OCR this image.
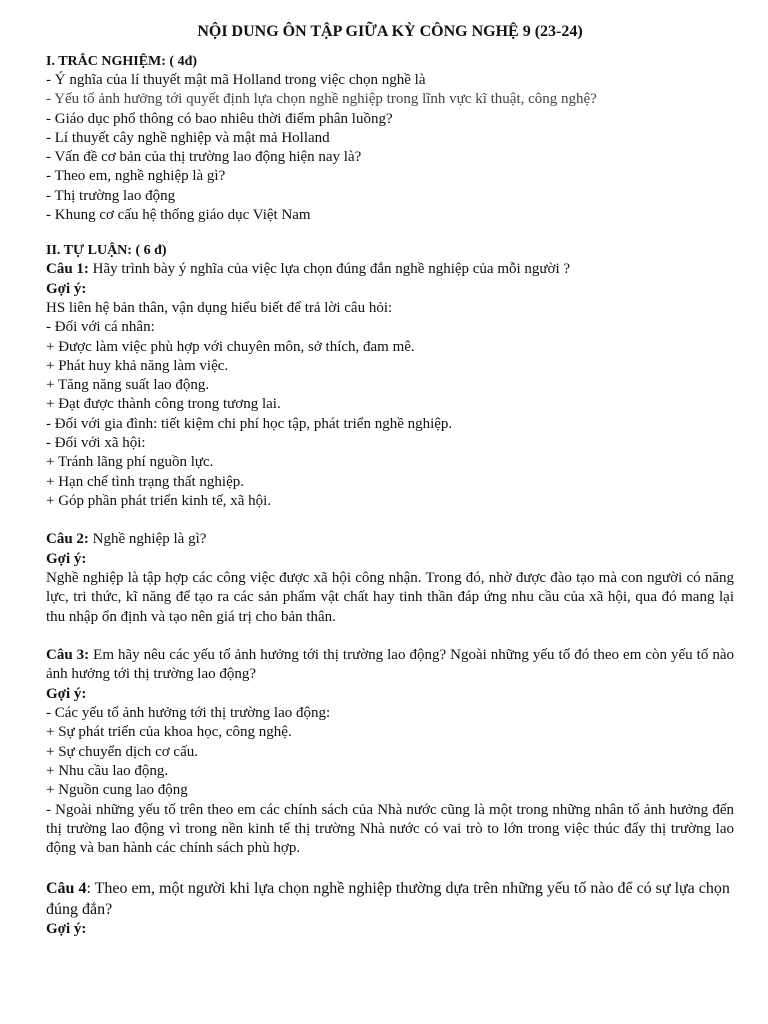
NỘI DUNG ÔN TẬP GIỮA KỲ CÔNG NGHỆ 9 (23-24)
I. TRẮC NGHIỆM: ( 4đ)
- Ý nghĩa của lí thuyết mật mã Holland trong việc chọn nghề là
- Yếu tố ảnh hưởng tới quyết định lựa chọn nghề nghiệp trong lĩnh vực kĩ thuật, công nghệ?
- Giáo dục phổ thông có bao nhiêu thời điểm phân luồng?
- Lí thuyết cây nghề nghiệp và mật mả Holland
- Vấn đề cơ bản của thị trường lao động hiện nay là?
- Theo em, nghề nghiệp là gì?
- Thị trường lao động
- Khung cơ cấu hệ thống giáo dục Việt Nam
II. TỰ LUẬN: ( 6 đ)
Câu 1: Hãy trình bày ý nghĩa của việc lựa chọn đúng đắn nghề nghiệp của mỗi người ?
Gợi ý:
HS liên hệ bản thân, vận dụng hiểu biết để trả lời câu hỏi:
- Đối với cá nhân:
+ Được làm việc phù hợp với chuyên môn, sở thích, đam mê.
+ Phát huy khả năng làm việc.
+ Tăng năng suất lao động.
+ Đạt được thành công trong tương lai.
- Đối với gia đình: tiết kiệm chi phí học tập, phát triển nghề nghiệp.
- Đối với xã hội:
+ Tránh lãng phí nguồn lực.
+ Hạn chế tình trạng thất nghiệp.
+ Góp phần phát triển kinh tế, xã hội.
Câu 2: Nghề nghiệp là gì?
Gợi ý:
Nghề nghiệp là tập hợp các công việc được xã hội công nhận. Trong đó, nhờ được đào tạo mà con người có năng lực, tri thức, kĩ năng để tạo ra các sản phẩm vật chất hay tinh thần đáp ứng nhu cầu của xã hội, qua đó mang lại thu nhập ổn định và tạo nên giá trị cho bản thân.
Câu 3: Em hãy nêu các yếu tố ảnh hưởng tới thị trường lao động? Ngoài những yếu tố đó theo em còn yếu tố nào ảnh hưởng tới thị trường lao động?
Gợi ý:
- Các yếu tố ảnh hưởng tới thị trường lao động:
+ Sự phát triển của khoa học, công nghệ.
+ Sự chuyển dịch cơ cấu.
+ Nhu cầu lao động.
+ Nguồn cung lao động
- Ngoài những yếu tố trên theo em các chính sách của Nhà nước cũng là một trong những nhân tố ảnh hưởng đến thị trường lao động vì trong nền kinh tế thị trường Nhà nước có vai trò to lớn trong việc thúc đẩy thị trường lao động và ban hành các chính sách phù hợp.
Câu 4: Theo em, một người khi lựa chọn nghề nghiệp thường dựa trên những yếu tố nào để có sự lựa chọn đúng đắn?
Gợi ý:
